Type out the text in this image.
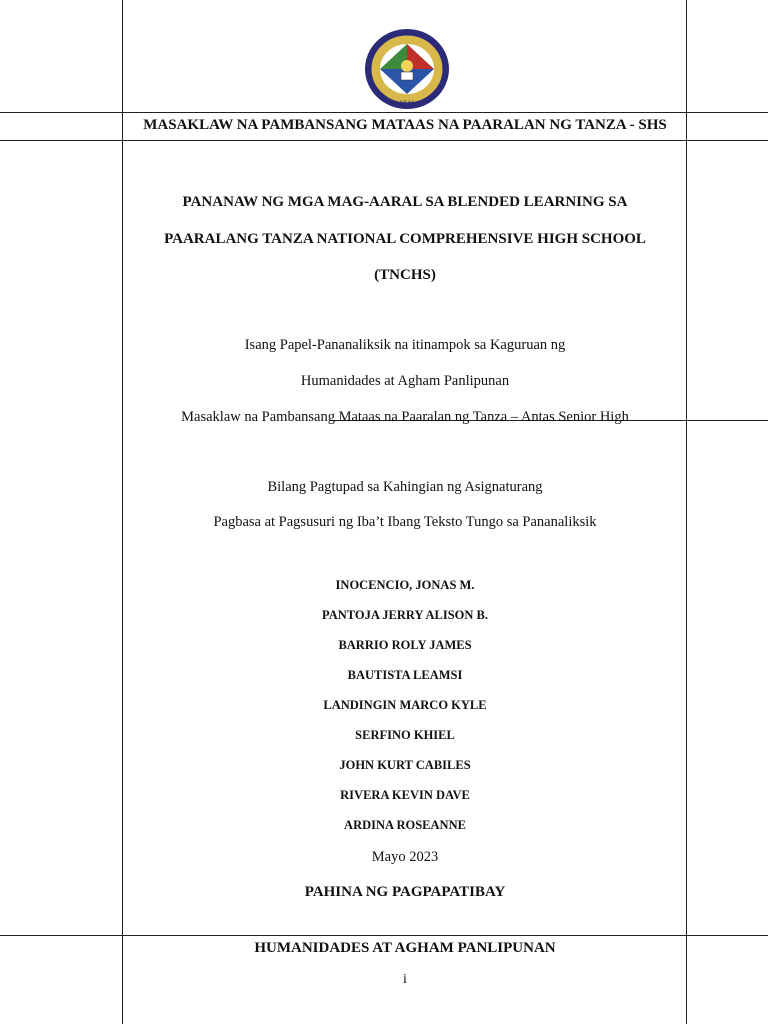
1946
MASAKLAW NA PAMBANSANG MATAAS NA PAARALAN NG TANZA - SHS
PANANAW NG MGA MAG-AARAL SA BLENDED LEARNING SA
PAARALANG TANZA NATIONAL COMPREHENSIVE HIGH SCHOOL
(TNCHS)
Isang Papel-Pananaliksik na itinampok sa Kaguruan ng
Humanidades at Agham Panlipunan
Masaklaw na Pambansang Mataas na Paaralan ng Tanza – Antas Senior High
Bilang Pagtupad sa Kahingian ng Asignaturang
Pagbasa at Pagsusuri ng Iba’t Ibang Teksto Tungo sa Pananaliksik
INOCENCIO, JONAS M.
PANTOJA JERRY ALISON B.
BARRIO ROLY JAMES
BAUTISTA LEAMSI
LANDINGIN MARCO KYLE
SERFINO KHIEL
JOHN KURT CABILES
RIVERA KEVIN DAVE
ARDINA ROSEANNE
Mayo 2023
PAHINA NG PAGPAPATIBAY
HUMANIDADES AT AGHAM PANLIPUNAN
i
